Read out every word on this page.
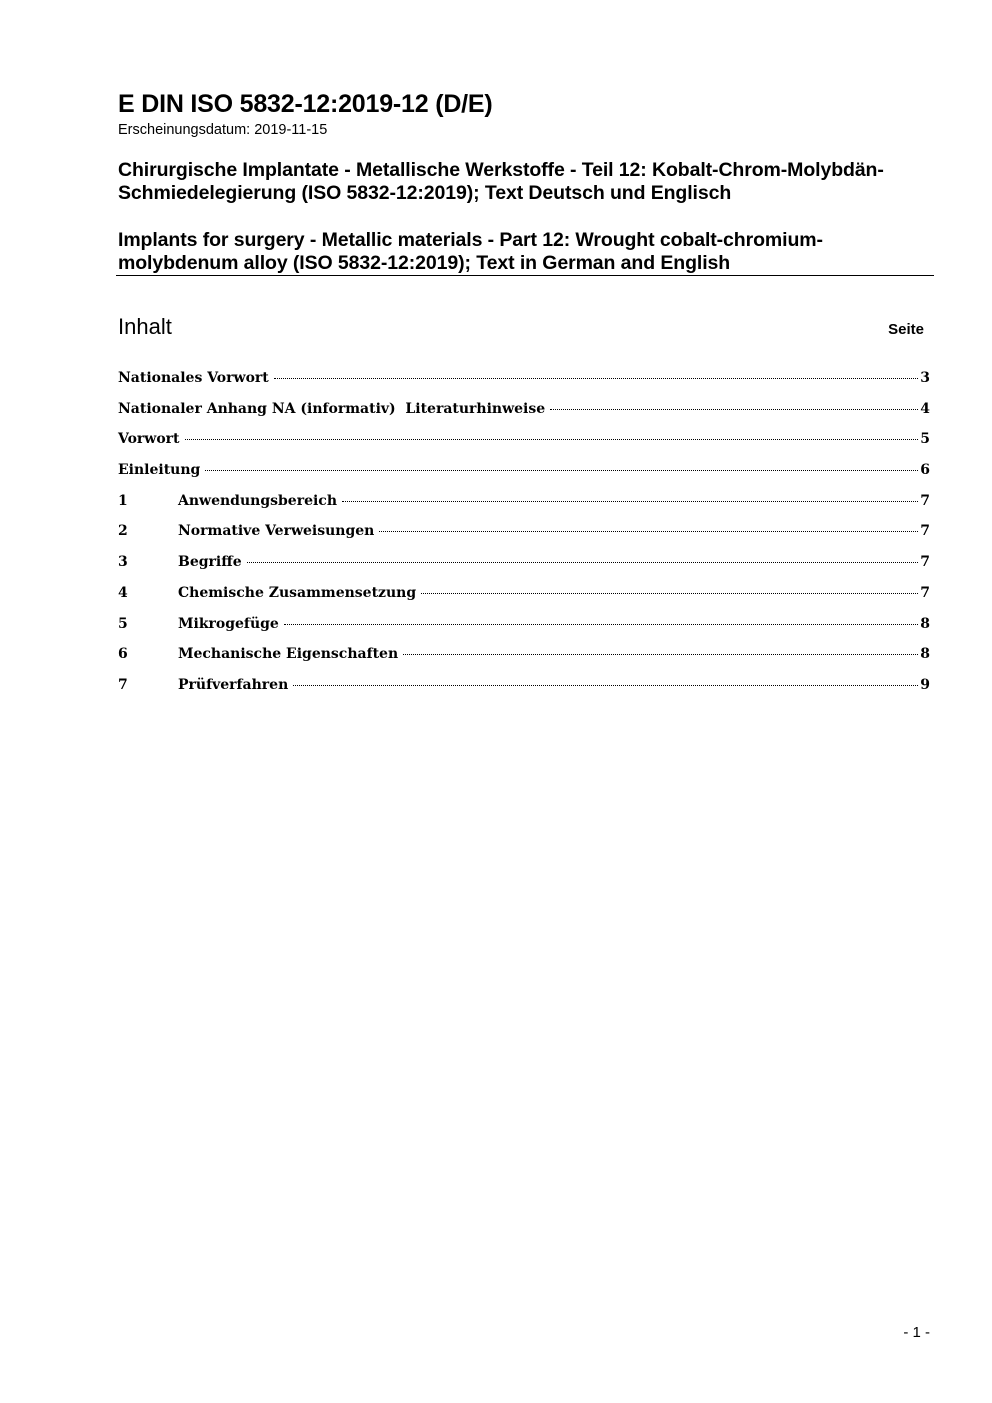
E DIN ISO 5832-12:2019-12 (D/E)
Erscheinungsdatum: 2019-11-15
Chirurgische Implantate - Metallische Werkstoffe - Teil 12: Kobalt-Chrom-Molybdän-Schmiedelegierung (ISO 5832-12:2019); Text Deutsch und Englisch
Implants for surgery - Metallic materials - Part 12: Wrought cobalt-chromium-molybdenum alloy (ISO 5832-12:2019); Text in German and English
Inhalt	Seite
Nationales Vorwort	3
Nationaler Anhang NA (informativ)  Literaturhinweise	4
Vorwort	5
Einleitung	6
1	Anwendungsbereich	7
2	Normative Verweisungen	7
3	Begriffe	7
4	Chemische Zusammensetzung	7
5	Mikrogefüge	8
6	Mechanische Eigenschaften	8
7	Prüfverfahren	9
- 1 -
